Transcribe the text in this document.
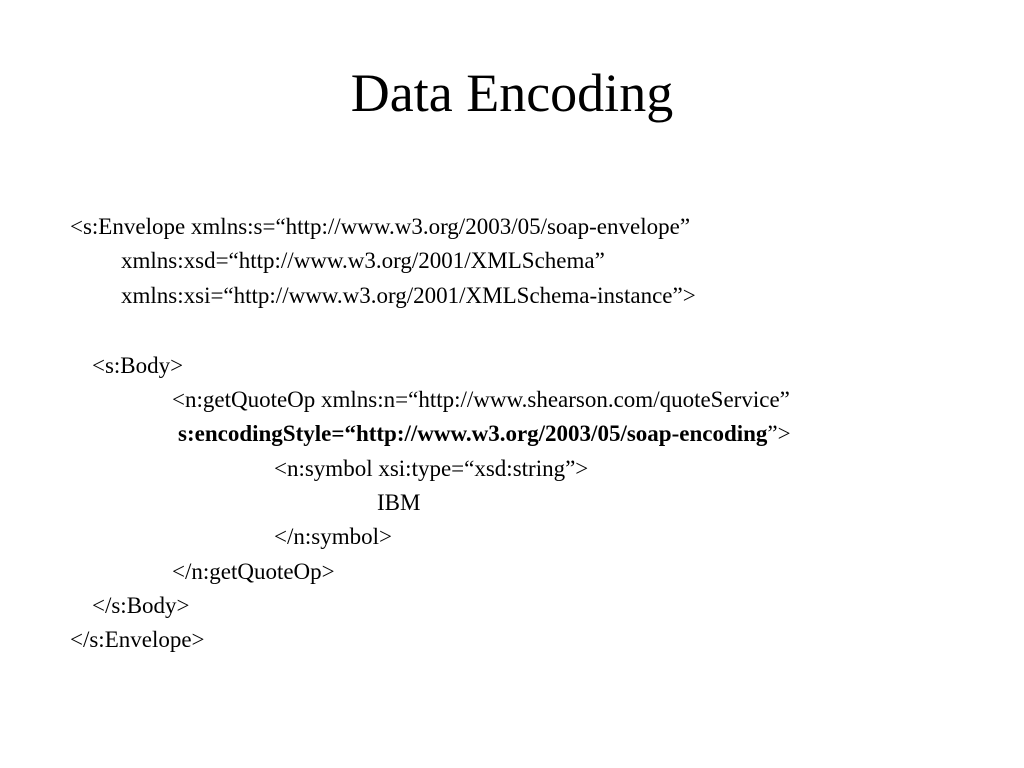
Data Encoding
<s:Envelope xmlns:s=“http://www.w3.org/2003/05/soap-envelope”
xmlns:xsd=“http://www.w3.org/2001/XMLSchema”
xmlns:xsi=“http://www.w3.org/2001/XMLSchema-instance”>
<s:Body>
<n:getQuoteOp xmlns:n=“http://www.shearson.com/quoteService”
s:encodingStyle=“http://www.w3.org/2003/05/soap-encoding”>
<n:symbol xsi:type=“xsd:string”>
IBM
</n:symbol>
</n:getQuoteOp>
</s:Body>
</s:Envelope>
